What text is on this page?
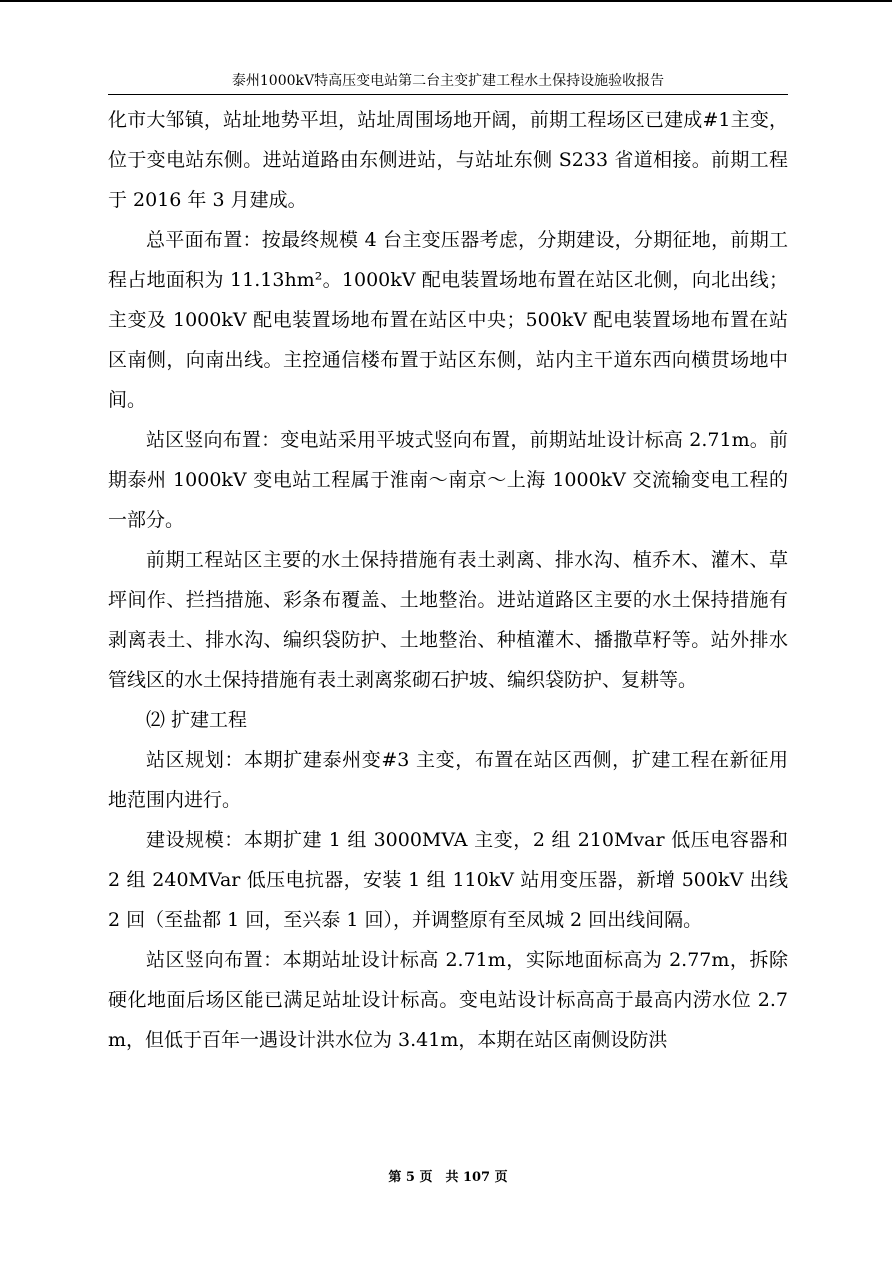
泰州1000kV特高压变电站第二台主变扩建工程水土保持设施验收报告

化市大邹镇，站址地势平坦，站址周围场地开阔，前期工程场区已建成#1主变，位于变电站东侧。进站道路由东侧进站，与站址东侧 S233 省道相接。前期工程于 2016 年 3 月建成。

总平面布置：按最终规模 4 台主变压器考虑，分期建设，分期征地，前期工程占地面积为 11.13hm²。1000kV 配电装置场地布置在站区北侧，向北出线；主变及 1000kV 配电装置场地布置在站区中央；500kV 配电装置场地布置在站区南侧，向南出线。主控通信楼布置于站区东侧，站内主干道东西向横贯场地中间。

站区竖向布置：变电站采用平坡式竖向布置，前期站址设计标高 2.71m。前期泰州 1000kV 变电站工程属于淮南～南京～上海 1000kV 交流输变电工程的一部分。

前期工程站区主要的水土保持措施有表土剥离、排水沟、植乔木、灌木、草坪间作、拦挡措施、彩条布覆盖、土地整治。进站道路区主要的水土保持措施有剥离表土、排水沟、编织袋防护、土地整治、种植灌木、播撒草籽等。站外排水管线区的水土保持措施有表土剥离浆砌石护坡、编织袋防护、复耕等。

⑵ 扩建工程

站区规划：本期扩建泰州变#3 主变，布置在站区西侧，扩建工程在新征用地范围内进行。

建设规模：本期扩建 1 组 3000MVA 主变，2 组 210Mvar 低压电容器和 2 组 240MVar 低压电抗器，安装 1 组 110kV 站用变压器，新增 500kV 出线 2 回（至盐都 1 回，至兴泰 1 回），并调整原有至凤城 2 回出线间隔。

站区竖向布置：本期站址设计标高 2.71m，实际地面标高为 2.77m，拆除硬化地面后场区能已满足站址设计标高。变电站设计标高高于最高内涝水位 2.7m，但低于百年一遇设计洪水位为 3.41m，本期在站区南侧设防洪

第 5 页　共 107 页
